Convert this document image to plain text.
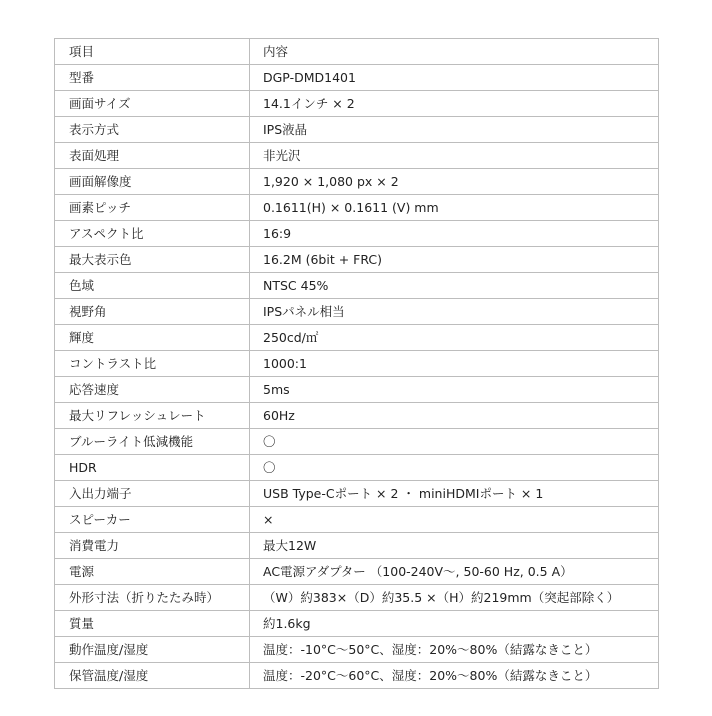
項目	内容
型番	DGP-DMD1401
画面サイズ	14.1インチ × 2
表示方式	IPS液晶
表面処理	非光沢
画面解像度	1,920 × 1,080 px × 2
画素ピッチ	0.1611(H) × 0.1611 (V) mm
アスペクト比	16:9
最大表示色	16.2M (6bit + FRC)
色域	NTSC 45%
視野角	IPSパネル相当
輝度	250cd/㎡
コントラスト比	1000:1
応答速度	5ms
最大リフレッシュレート	60Hz
ブルーライト低減機能	〇
HDR	〇
入出力端子	USB Type-Cポート × 2 ・ miniHDMIポート × 1
スピーカー	×
消費電力	最大12W
電源	AC電源アダプター （100-240V〜, 50-60 Hz, 0.5 A）
外形寸法（折りたたみ時）	（W）約383×（D）約35.5 ×（H）約219mm（突起部除く）
質量	約1.6kg
動作温度/湿度	温度：-10°C〜50°C、湿度：20%〜80%（結露なきこと）
保管温度/湿度	温度：-20°C〜60°C、湿度：20%〜80%（結露なきこと）
